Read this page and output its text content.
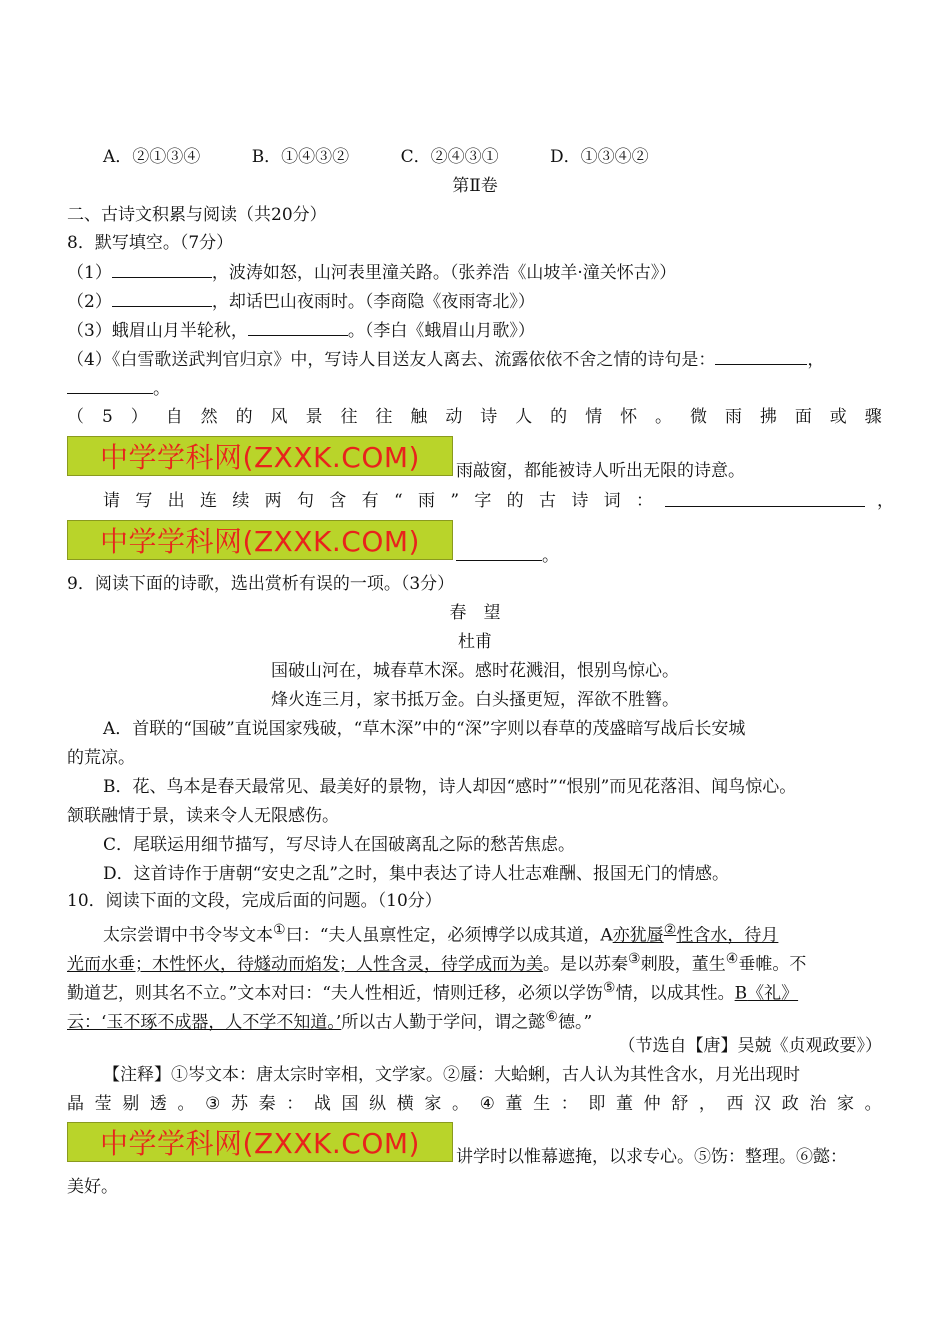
A．②①③④	B．①④③②	C．②④③①	D．①③④②
第Ⅱ卷
二、古诗文积累与阅读（共20分）
8．默写填空。（7分）
（1）	，波涛如怒，山河表里潼关路。（张养浩《山坡羊·潼关怀古》）
（2）	，却话巴山夜雨时。（李商隐《夜雨寄北》）
（3）蛾眉山月半轮秋，	。（李白《蛾眉山月歌》）
（4）《白雪歌送武判官归京》中，写诗人目送友人离去、流露依依不舍之情的诗句是：	，
。
（ 5 ） 自 然 的 风 景 往 往 触 动 诗 人 的 情 怀 。 微 雨 拂 面 或 骤
中学学科网(ZXXK.COM)	雨敲窗，都能被诗人听出无限的诗意。
请 写 出 连 续 两 句 含 有 “ 雨 ” 字 的 古 诗 词 ：	，
中学学科网(ZXXK.COM)	。
9．阅读下面的诗歌，选出赏析有误的一项。（3分）
春　望
杜甫
国破山河在，城春草木深。感时花溅泪，恨别鸟惊心。
烽火连三月，家书抵万金。白头搔更短，浑欲不胜簪。
A．首联的“国破”直说国家残破，“草木深”中的“深”字则以春草的茂盛暗写战后长安城
的荒凉。
B．花、鸟本是春天最常见、最美好的景物，诗人却因“感时”“恨别”而见花落泪、闻鸟惊心。
颔联融情于景，读来令人无限感伤。
C．尾联运用细节描写，写尽诗人在国破离乱之际的愁苦焦虑。
D．这首诗作于唐朝“安史之乱”之时，集中表达了诗人壮志难酬、报国无门的情感。
10．阅读下面的文段，完成后面的问题。（10分）
太宗尝谓中书令岑文本①曰：“夫人虽禀性定，必须博学以成其道，A亦犹蜃②性含水，待月
光而水垂；木性怀火，待燧动而焰发；人性含灵，待学成而为美。是以苏秦③刺股，董生④垂帷。不
勤道艺，则其名不立。”文本对曰：“夫人性相近，情则迁移，必须以学饬⑤情，以成其性。B《礼》
云：‘玉不琢不成器，人不学不知道。’所以古人勤于学问，谓之懿⑥德。”
（节选自【唐】吴兢《贞观政要》）
【注释】①岑文本：唐太宗时宰相，文学家。②蜃：大蛤蜊，古人认为其性含水，月光出现时
晶 莹 剔 透 。 ③ 苏 秦 ： 战 国 纵 横 家 。 ④ 董 生 ： 即 董 仲 舒 ， 西 汉 政 治 家 。
中学学科网(ZXXK.COM)	讲学时以惟幕遮掩，以求专心。⑤饬：整理。⑥懿：
美好。
